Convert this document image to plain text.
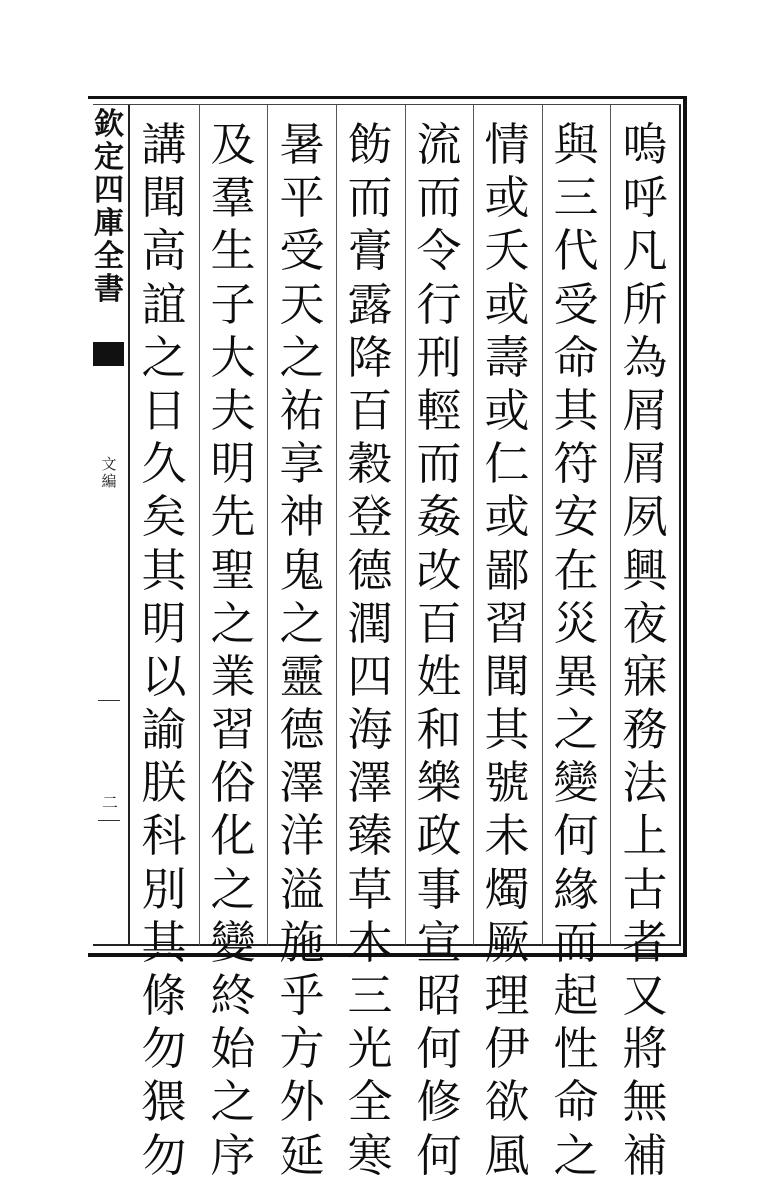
欽
定
四
庫
全
書
文
編
二
嗚
呼
凡
所
為
屑
屑
夙
興
夜
寐
務
法
上
古
者
又
將
無
補
與
三
代
受
命
其
符
安
在
災
異
之
變
何
緣
而
起
性
命
之
情
或
夭
或
壽
或
仁
或
鄙
習
聞
其
號
未
燭
厥
理
伊
欲
風
流
而
令
行
刑
輕
而
姦
改
百
姓
和
樂
政
事
宣
昭
何
修
何
飭
而
膏
露
降
百
穀
登
德
潤
四
海
澤
臻
草
木
三
光
全
寒
暑
平
受
天
之
祐
享
神
鬼
之
靈
德
澤
洋
溢
施
乎
方
外
延
及
羣
生
子
大
夫
明
先
聖
之
業
習
俗
化
之
變
終
始
之
序
講
聞
高
誼
之
日
久
矣
其
明
以
諭
朕
科
別
其
條
勿
猥
勿
